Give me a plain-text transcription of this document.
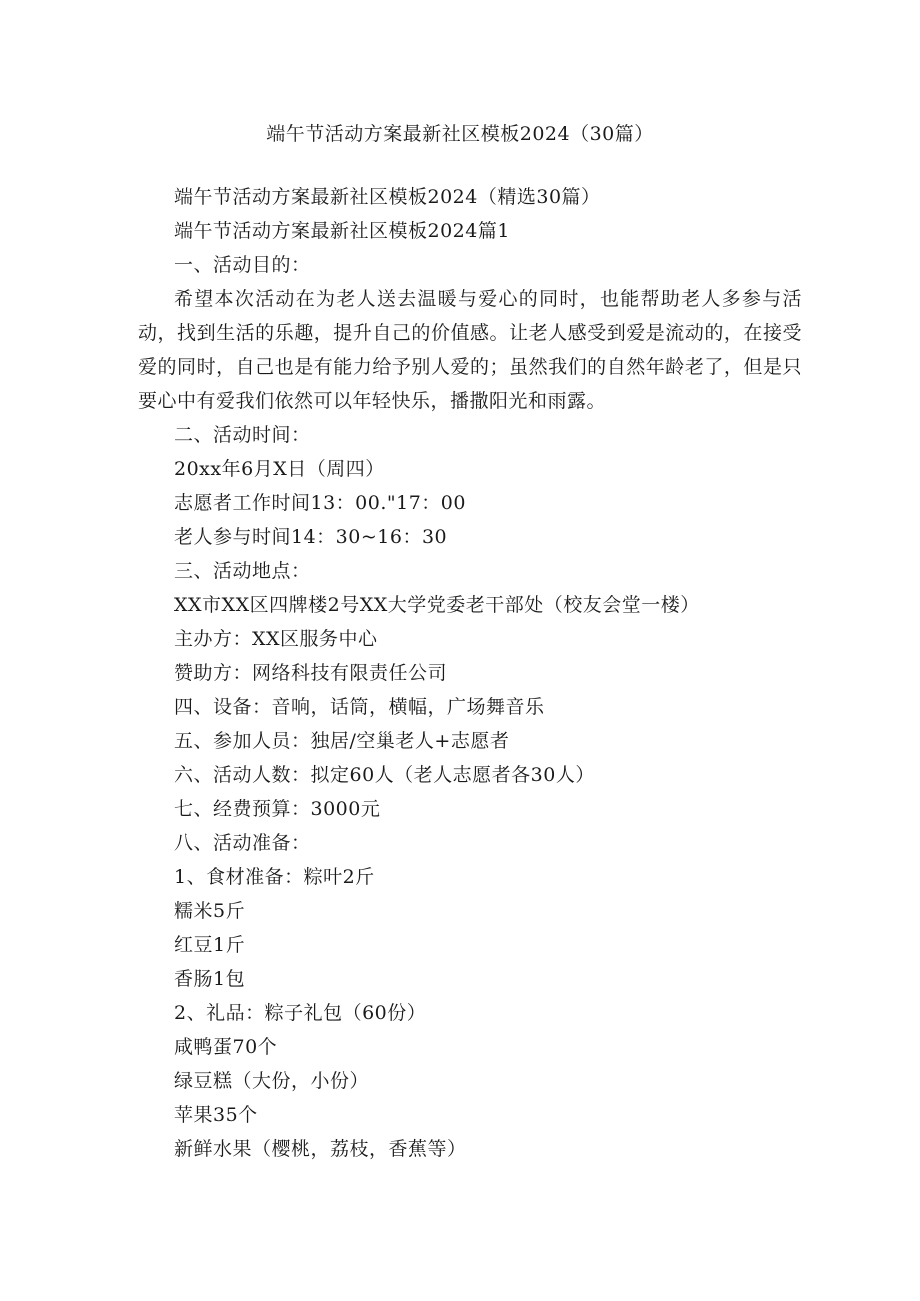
端午节活动方案最新社区模板2024（30篇）
端午节活动方案最新社区模板2024（精选30篇）
端午节活动方案最新社区模板2024篇1
一、活动目的：

希望本次活动在为老人送去温暖与爱心的同时，也能帮助老人多参与活动，找到生活的乐趣，提升自己的价值感。让老人感受到爱是流动的，在接受爱的同时，自己也是有能力给予别人爱的；虽然我们的自然年龄老了，但是只要心中有爱我们依然可以年轻快乐，播撒阳光和雨露。

二、活动时间：
20xx年6月X日（周四）
志愿者工作时间13：00."17：00
老人参与时间14：30~16：30
三、活动地点：
XX市XX区四牌楼2号XX大学党委老干部处（校友会堂一楼）
主办方：XX区服务中心
赞助方：网络科技有限责任公司
四、设备：音响，话筒，横幅，广场舞音乐
五、参加人员：独居/空巢老人+志愿者
六、活动人数：拟定60人（老人志愿者各30人）
七、经费预算：3000元
八、活动准备：
1、食材准备：粽叶2斤
糯米5斤
红豆1斤
香肠1包
2、礼品：粽子礼包（60份）
咸鸭蛋70个
绿豆糕（大份，小份）
苹果35个
新鲜水果（樱桃，荔枝，香蕉等）
